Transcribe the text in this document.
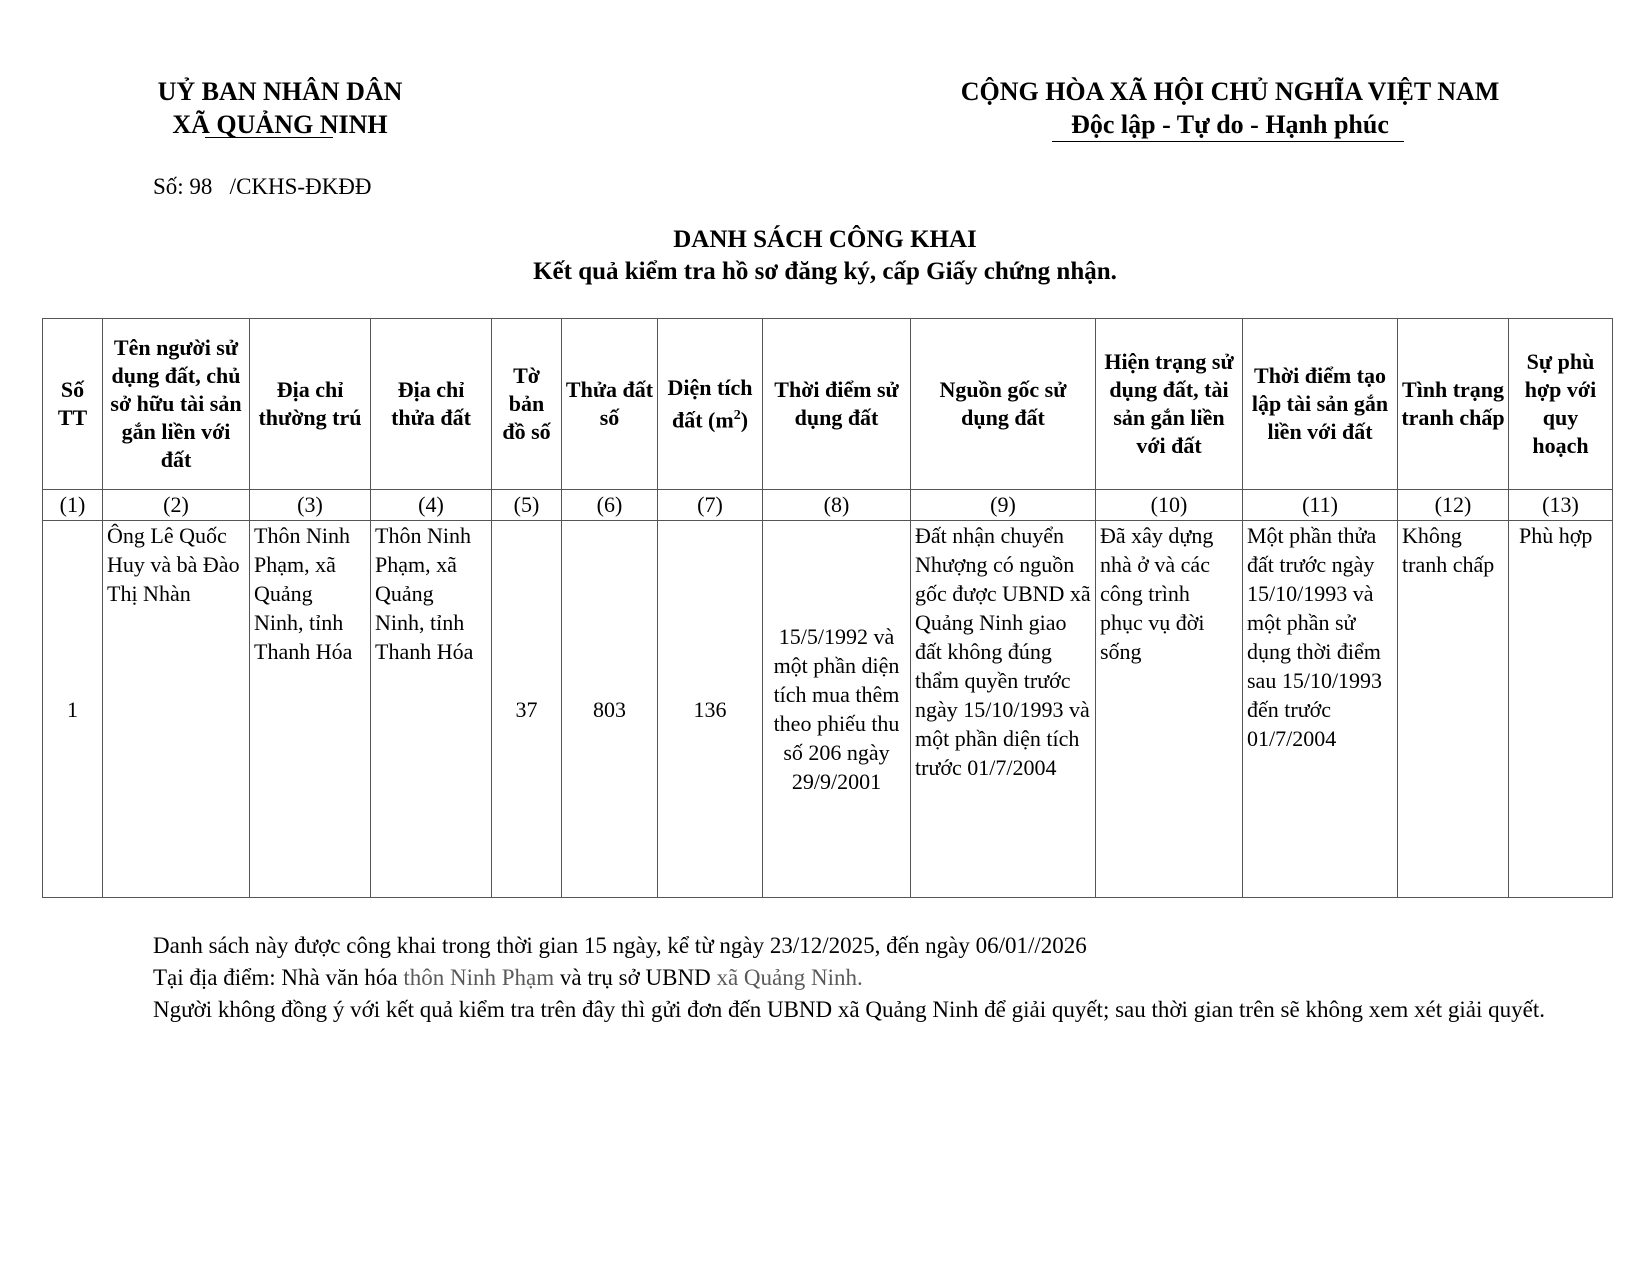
UỶ BAN NHÂN DÂN
XÃ QUẢNG NINH
CỘNG HÒA XÃ HỘI CHỦ NGHĨA VIỆT NAM
Độc lập - Tự do - Hạnh phúc
Số: 98   /CKHS-ĐKĐĐ
DANH SÁCH CÔNG KHAI
Kết quả kiểm tra hồ sơ đăng ký, cấp Giấy chứng nhận.
Số TT	Tên người sử dụng đất, chủ sở hữu tài sản gắn liền với đất	Địa chỉ thường trú	Địa chỉ thửa đất	Tờ bản đồ số	Thửa đất số	Diện tích đất $(m^2)$	Thời điểm sử dụng đất	Nguồn gốc sử dụng đất	Hiện trạng sử dụng đất, tài sản gắn liền với đất	Thời điểm tạo lập tài sản gắn liền với đất	Tình trạng tranh chấp	Sự phù hợp với quy hoạch
(1)	(2)	(3)	(4)	(5)	(6)	(7)	(8)	(9)	(10)	(11)	(12)	(13)
1	Ông Lê Quốc Huy và bà Đào Thị Nhàn	Thôn Ninh Phạm, xã Quảng Ninh, tỉnh Thanh Hóa	Thôn Ninh Phạm, xã Quảng Ninh, tỉnh Thanh Hóa	37	803	136	15/5/1992 và một phần diện tích mua thêm theo phiếu thu số 206 ngày 29/9/2001	Đất nhận chuyển Nhượng có nguồn gốc được UBND xã Quảng Ninh giao đất không đúng thẩm quyền trước ngày 15/10/1993 và một phần diện tích trước 01/7/2004	Đã xây dựng nhà ở và các công trình phục vụ đời sống	Một phần thửa đất trước ngày 15/10/1993 và một phần sử dụng thời điểm sau 15/10/1993 đến trước 01/7/2004	Không tranh chấp	Phù hợp

Danh sách này được công khai trong thời gian 15 ngày, kể từ ngày 23/12/2025, đến ngày 06/01//2026

Tại địa điểm: Nhà văn hóa thôn Ninh Phạm và trụ sở UBND xã Quảng Ninh.

Người không đồng ý với kết quả kiểm tra trên đây thì gửi đơn đến UBND xã Quảng Ninh để giải quyết; sau thời gian trên sẽ không xem xét giải quyết.
